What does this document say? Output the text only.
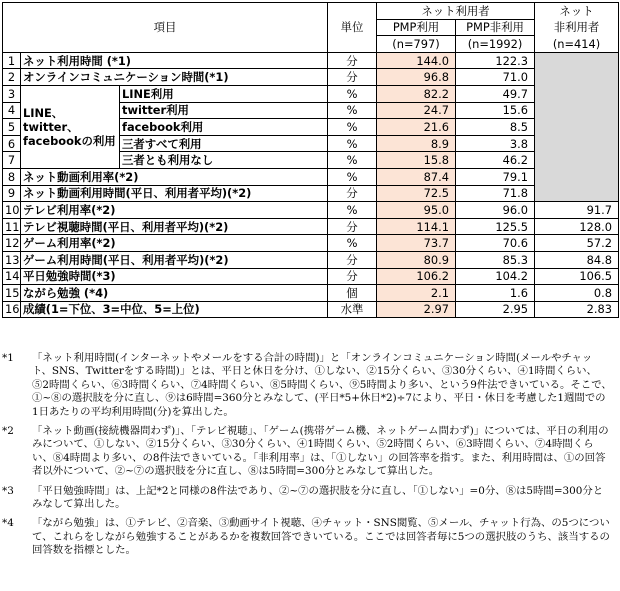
項目			単位	ネット利用者		ネット
				PMP利用	PMP非利用	非利用者
				(n=797)	(n=1992)	(n=414)
1	ネット利用時間 (*1)		分	144.0	122.3	
2	オンラインコミュニケーション時間(*1)		分	96.8	71.0	
3	LINE、twitter、facebookの利用	LINE利用	%	82.2	49.7	
4		twitter利用	%	24.7	15.6	
5		facebook利用	%	21.6	8.5	
6		三者すべて利用	%	8.9	3.8	
7		三者とも利用なし	%	15.8	46.2	
8	ネット動画利用率(*2)		%	87.4	79.1	
9	ネット動画利用時間(平日、利用者平均)(*2)		分	72.5	71.8	
10	テレビ利用率(*2)		%	95.0	96.0	91.7
11	テレビ視聴時間(平日、利用者平均)(*2)		分	114.1	125.5	128.0
12	ゲーム利用率(*2)		%	73.7	70.6	57.2
13	ゲーム利用時間(平日、利用者平均)(*2)		分	80.9	85.3	84.8
14	平日勉強時間(*3)		分	106.2	104.2	106.5
15	ながら勉強 (*4)		個	2.1	1.6	0.8
16	成績(1=下位、3=中位、5=上位)		水準	2.97	2.95	2.83
*1	「ネット利用時間(インターネットやメールをする合計の時間)」と「オンラインコミュニケーション時間(メールやチャット、SNS、Twitterをする時間)」とは、平日と休日を分け、①しない、②15分くらい、③30分くらい、④1時間くらい、⑤2時間くらい、⑥3時間くらい、⑦4時間くらい、⑧5時間くらい、⑨5時間より多い、という9件法できいている。そこで、①~⑧の選択肢を分に直し、⑨は6時間=360分とみなして、(平日*5+休日*2)÷7により、平日・休日を考慮した1週間での1日あたりの平均利用時間(分)を算出した。
*2	「ネット動画(接続機器問わず)」、「テレビ視聴」、「ゲーム(携帯ゲーム機、ネットゲーム問わず)」については、平日の利用のみについて、①しない、②15分くらい、③30分くらい、④1時間くらい、⑤2時間くらい、⑥3時間くらい、⑦4時間くらい、⑧4時間より多い、の8件法できいている。「非利用率」は、「①しない」の回答率を指す。また、利用時間は、①の回答者以外について、②~⑦の選択肢を分に直し、⑧は5時間=300分とみなして算出した。
*3	「平日勉強時間」は、上記*2と同様の8件法であり、②~⑦の選択肢を分に直し、「①しない」=0分、⑧は5時間=300分とみなして算出した。
*4	「ながら勉強」は、①テレビ、②音楽、③動画サイト視聴、④チャット・SNS閲覧、⑤メール、チャット行為、の5つについて、これらをしながら勉強することがあるかを複数回答できいている。ここでは回答者毎に5つの選択肢のうち、該当するの回答数を指標とした。
